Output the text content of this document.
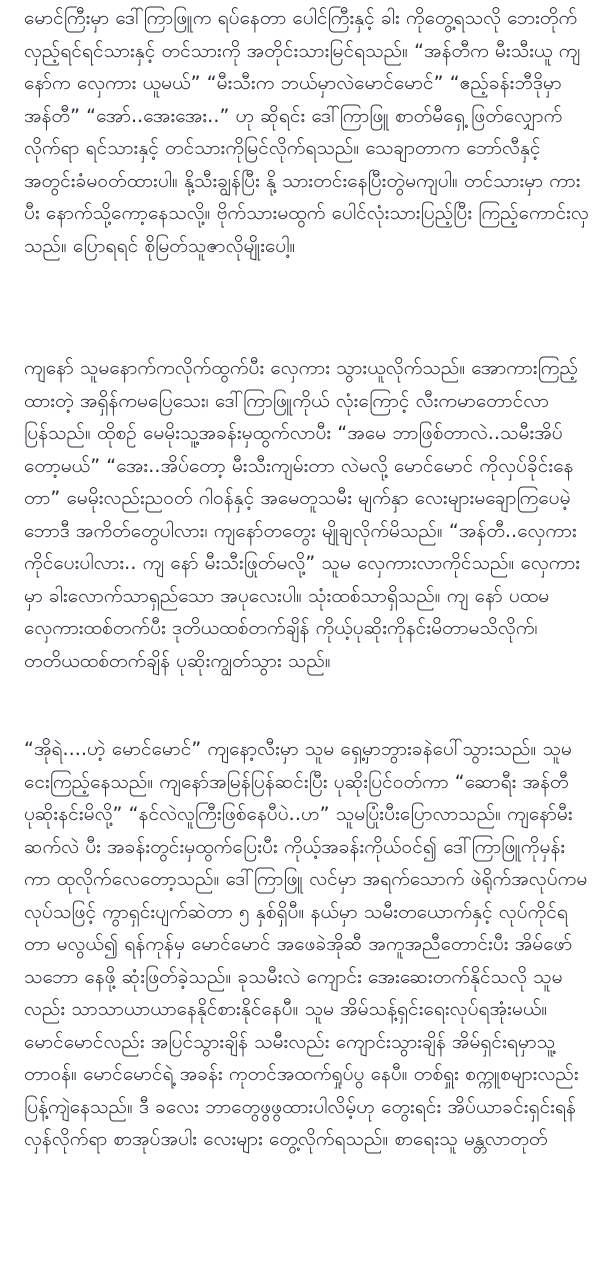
မောင်ကြီးမှာ ဒေါ်ကြာဖြူက ရပ်နေတာ ပေါင်ကြီးနှင့် ခါး ကိုတွေ့ရသလို ဘေးတိုက်လှည့်ရင်ရင်သားနှင့် တင်သားကို အတိုင်းသားမြင်ရသည်။ “အန်တီက မီးသီးယူ ကျနော်က လှေကား ယူမယ်” “မီးသီးက ဘယ်မှာလဲမောင်မောင်” “ဧည့်ခန်းဘီဒိုမှာ အန်တီ” “အော်..အေးအေး..” ဟု ဆိုရင်း ဒေါ်ကြာဖြူ စာတ်မီရှေ့ ဖြတ်လျှောက်လိုက်ရာ ရင်သားနှင့် တင်သားကိုမြင်လိုက်ရသည်။ သေချာတာက ဘော်လီနှင့်အတွင်းခံမဝတ်ထားပါ။ နို့သီးချွန်ပြီး နို့ သားတင်းနေပြီးတွဲမကျပါ။ တင်သားမှာ ကားပီး နောက်သို့ကော့နေသလို့။ ဗိုက်သားမထွက် ပေါင်လုံးသားပြည့်ပြီး ကြည့်ကောင်းလှ သည်။ ပြောရရင် စိုမြတ်သူဇာလိုမျိုးပေါ့။

ကျနော် သူမနောက်ကလိုက်ထွက်ပီး လှေကား သွားယူလိုက်သည်။ အောကားကြည့်ထားတဲ့ အရှိန်ကမပြေသေး၊ ဒေါ်ကြာဖြူကိုယ် လုံးကြောင့် လီးကမာတောင်လာပြန်သည်။ ထိုစဉ် မေမိုးသူ့အခန်းမှထွက်လာပီး “အမေ ဘာဖြစ်တာလဲ..သမီးအိပ်တော့မယ်” “အေး..အိပ်တော့ မီးသီးကျမ်းတာ လဲမလို့ မောင်မောင် ကိုလှပ်ခိုင်းနေတာ” မေမိုးလည်းညဝတ် ဂါဝန်နှင့် အမေတူသမီး မျက်နှာ လေးများမချောကြပေမဲ့ ဘောဒီ အကိတ်တွေပါလား၊ ကျနော်တတွေး မျိုချလိုက်မိသည်။ “အန်တီ..လှေကားကိုင်ပေးပါလား.. ကျ နော် မီးသီးဖြုတ်မလို့” သူမ လှေကားလာကိုင်သည်။ လှေကားမှာ ခါးလောက်သာရှည်သော အပုလေးပါ။ သုံးထစ်သာရှိသည်။ ကျ နော် ပထမလှေကားထစ်တက်ပီး ဒုတိယထစ်တက်ချိန် ကိုယ့်ပုဆိုးကိုနင်းမိတာမသိလိုက်၊ တတိယထစ်တက်ချိန် ပုဆိုးကျွတ်သွား သည်။

“အိုရဲ....ဟဲ့ မောင်မောင်” ကျနော့လီးမှာ သူမ ရှေ့မှာဘွားခနဲပေါ်သွားသည်။ သူမငေးကြည့်နေသည်။ ကျနော်အမြန်ပြန်ဆင်းပြီး ပုဆိုးပြင်ဝတ်ကာ “ဆောရီး အန်တီ ပုဆိုးနင်းမိလို့” “နင်လဲလူကြီးဖြစ်နေပီပဲ..ဟ” သူမပြုံးပီးပြောလာသည်။ ကျနော်မီးဆက်လဲ ပီး အခန်းတွင်းမှထွက်ပြေးပီး ကိုယ့်အခန်းကိုယ်ဝင်၍ ဒေါ်ကြာဖြူကိုမှန်းကာ ထုလိုက်လေတော့သည်။ ဒေါ်ကြာဖြူ လင်မှာ အရက်သောက် ဖဲရိုက်အလုပ်ကမလုပ်သဖြင့် ကွာရှင်းပျက်ဆဲတာ ၅ နှစ်ရှိပီ။ နယ်မှာ သမီးတယောက်နှင့် လုပ်ကိုင်ရတာ မလွယ်၍ ရန်ကုန်မှ မောင်မောင် အဖေခဲအိုဆီ အကူအညီတောင်းပီး အိမ်ဖော်သဘော နေဖို့ ဆုံးဖြတ်ခဲ့သည်။ ခုသမီးလဲ ကျောင်း အေးဆေးတက်နိုင်သလို သူမလည်း သာသာယာယာနေနိုင်စားနိုင်နေပီ။ သူမ အိမ်သန့်ရှင်းရေးလုပ်ရအုံးမယ်။ မောင်မောင်လည်း အပြင်သွားချိန် သမီးလည်း ကျောင်းသွားချိန် အိမ်ရှင်းရမှာသူ့တာဝန်။ မောင်မောင်ရဲ့ အခန်း ကုတင်အထက်ရှုပ်ပွ နေပီ။ တစ်ရှူး စက္ကူစများလည်း ပြန့်ကျဲနေသည်။ ဒီ ခလေး ဘာတွေဖွဖွထားပါလိမ့်ဟု တွေးရင်း အိပ်ယာခင်းရှင်းရန် လှန်လိုက်ရာ စာအုပ်အပါး လေးများ တွေ့လိုက်ရသည်။ စာရေးသူ မန္တလာတုတ်
